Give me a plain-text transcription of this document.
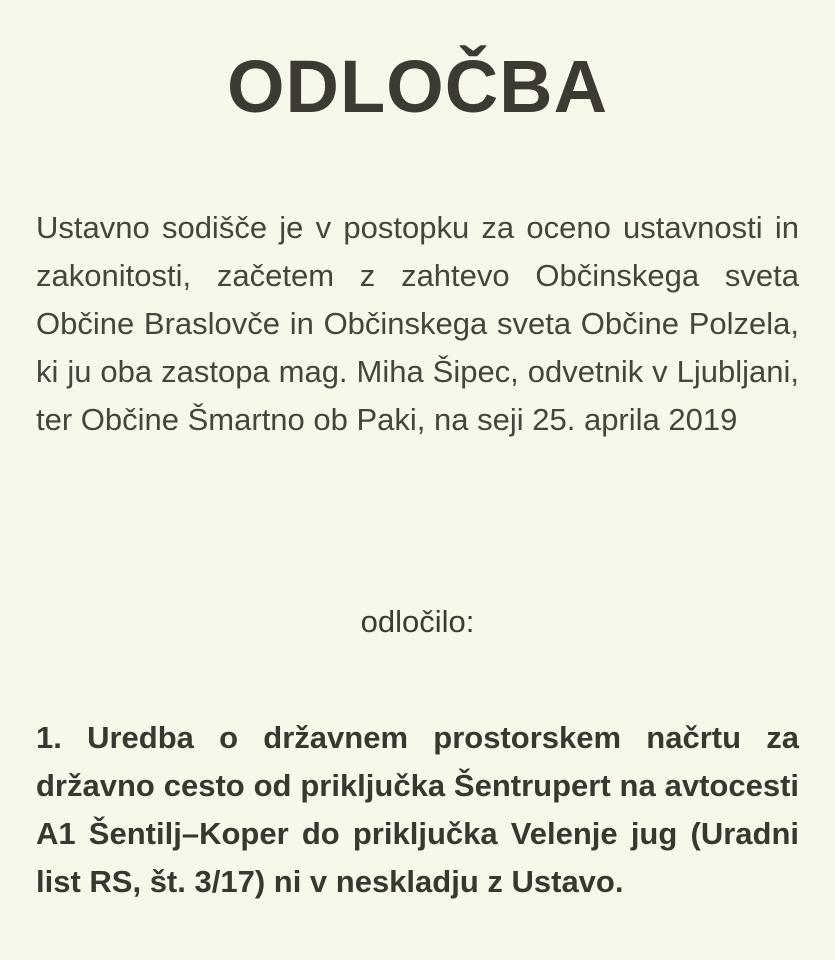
ODLOČBA

Ustavno sodišče je v postopku za oceno ustavnosti in zakonitosti, začetem z zahtevo Občinskega sveta Občine Braslovče in Občinskega sveta Občine Polzela, ki ju oba zastopa mag. Miha Šipec, odvetnik v Ljubljani, ter Občine Šmartno ob Paki, na seji 25. aprila 2019

odločilo:

1. Uredba o državnem prostorskem načrtu za državno cesto od priključka Šentrupert na avtocesti A1 Šentilj–Koper do priključka Velenje jug (Uradni list RS, št. 3/17) ni v neskladju z Ustavo.
